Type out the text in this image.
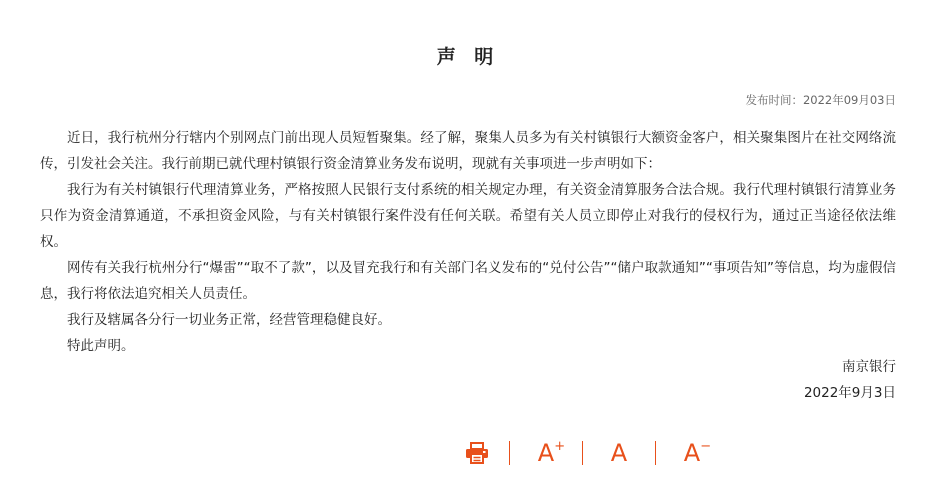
声 明
发布时间：2022年09月03日

近日，我行杭州分行辖内个别网点门前出现人员短暂聚集。经了解，聚集人员多为有关村镇银行大额资金客户，相关聚集图片在社交网络流传，引发社会关注。我行前期已就代理村镇银行资金清算业务发布说明，现就有关事项进一步声明如下：

我行为有关村镇银行代理清算业务，严格按照人民银行支付系统的相关规定办理，有关资金清算服务合法合规。我行代理村镇银行清算业务只作为资金清算通道，不承担资金风险，与有关村镇银行案件没有任何关联。希望有关人员立即停止对我行的侵权行为，通过正当途径依法维权。

网传有关我行杭州分行“爆雷”“取不了款”，以及冒充我行和有关部门名义发布的“兑付公告”“储户取款通知”“事项告知”等信息，均为虚假信息，我行将依法追究相关人员责任。

我行及辖属各分行一切业务正常，经营管理稳健良好。

特此声明。

南京银行
2022年9月3日
A + A A −
